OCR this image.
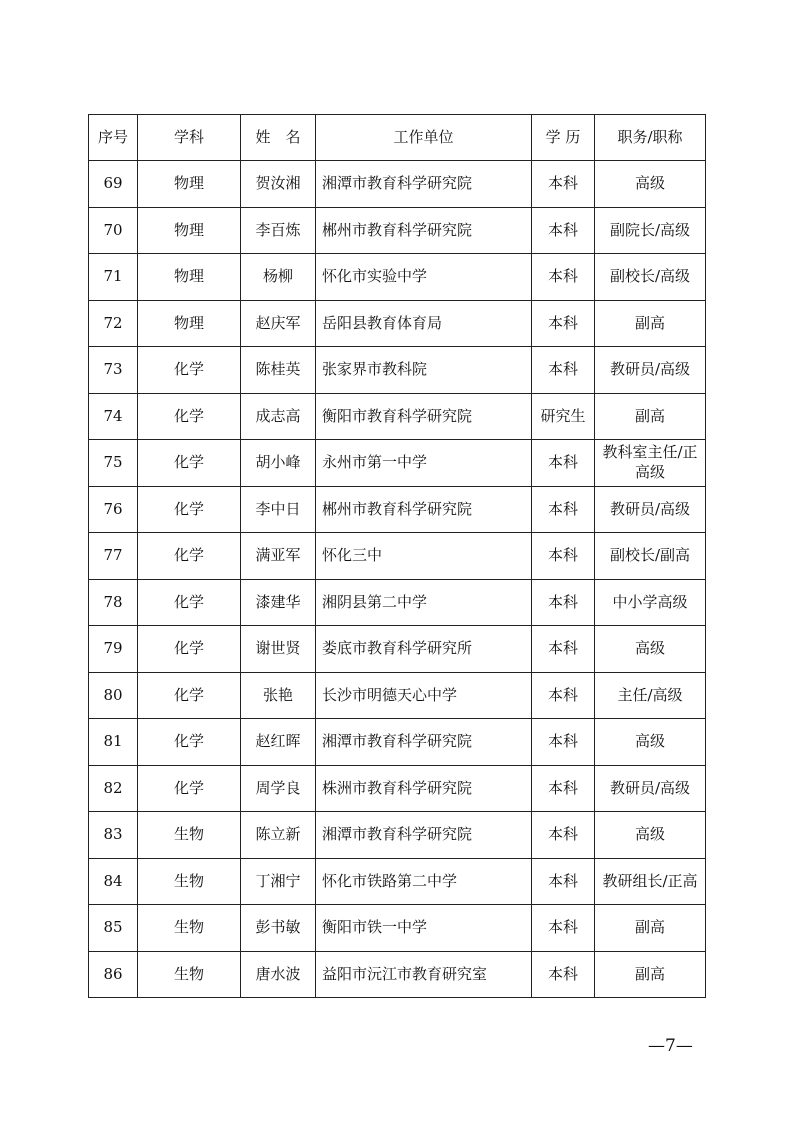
序号	学科	姓　名	工作单位	学 历	职务/职称
69	物理	贺汝湘	湘潭市教育科学研究院	本科	高级
70	物理	李百炼	郴州市教育科学研究院	本科	副院长/高级
71	物理	杨柳	怀化市实验中学	本科	副校长/高级
72	物理	赵庆军	岳阳县教育体育局	本科	副高
73	化学	陈桂英	张家界市教科院	本科	教研员/高级
74	化学	成志高	衡阳市教育科学研究院	研究生	副高
75	化学	胡小峰	永州市第一中学	本科	教科室主任/正高级
76	化学	李中日	郴州市教育科学研究院	本科	教研员/高级
77	化学	满亚军	怀化三中	本科	副校长/副高
78	化学	漆建华	湘阴县第二中学	本科	中小学高级
79	化学	谢世贤	娄底市教育科学研究所	本科	高级
80	化学	张艳	长沙市明德天心中学	本科	主任/高级
81	化学	赵红晖	湘潭市教育科学研究院	本科	高级
82	化学	周学良	株洲市教育科学研究院	本科	教研员/高级
83	生物	陈立新	湘潭市教育科学研究院	本科	高级
84	生物	丁湘宁	怀化市铁路第二中学	本科	教研组长/正高
85	生物	彭书敏	衡阳市铁一中学	本科	副高
86	生物	唐水波	益阳市沅江市教育研究室	本科	副高
—7—
